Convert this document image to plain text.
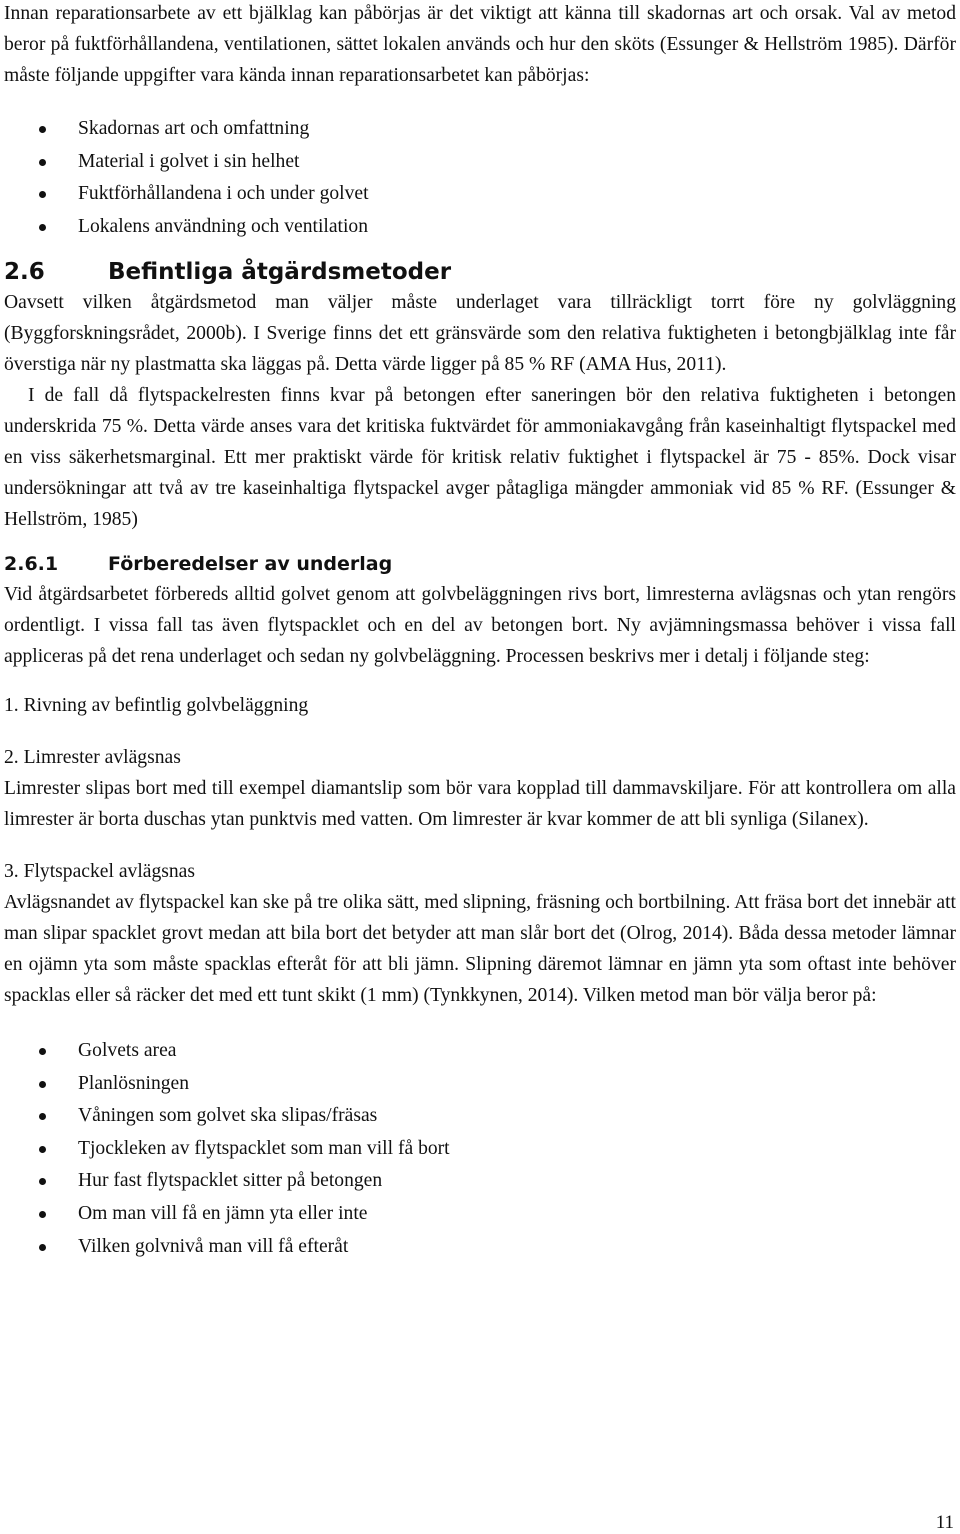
Innan reparationsarbete av ett bjälklag kan påbörjas är det viktigt att känna till skadornas art och orsak. Val av metod beror på fuktförhållandena, ventilationen, sättet lokalen används och hur den sköts (Essunger & Hellström 1985). Därför måste följande uppgifter vara kända innan reparationsarbetet kan påbörjas:

Skadornas art och omfattning
Material i golvet i sin helhet
Fuktförhållandena i och under golvet
Lokalens användning och ventilation
2.6	Befintliga åtgärdsmetoder

Oavsett vilken åtgärdsmetod man väljer måste underlaget vara tillräckligt torrt före ny golvläggning (Byggforskningsrådet, 2000b). I Sverige finns det ett gränsvärde som den relativa fuktigheten i betongbjälklag inte får överstiga när ny plastmatta ska läggas på. Detta värde ligger på 85 % RF (AMA Hus, 2011).

I de fall då flytspackelresten finns kvar på betongen efter saneringen bör den relativa fuktigheten i betongen underskrida 75 %. Detta värde anses vara det kritiska fuktvärdet för ammoniakavgång från kaseinhaltigt flytspackel med en viss säkerhetsmarginal. Ett mer praktiskt värde för kritisk relativ fuktighet i flytspackel är 75 - 85%. Dock visar undersökningar att två av tre kaseinhaltiga flytspackel avger påtagliga mängder ammoniak vid 85 % RF. (Essunger & Hellström, 1985)

2.6.1	Förberedelser av underlag

Vid åtgärdsarbetet förbereds alltid golvet genom att golvbeläggningen rivs bort, limresterna avlägsnas och ytan rengörs ordentligt. I vissa fall tas även flytspacklet och en del av betongen bort. Ny avjämningsmassa behöver i vissa fall appliceras på det rena underlaget och sedan ny golvbeläggning. Processen beskrivs mer i detalj i följande steg:

1. Rivning av befintlig golvbeläggning

2. Limrester avlägsnas

Limrester slipas bort med till exempel diamantslip som bör vara kopplad till dammavskiljare. För att kontrollera om alla limrester är borta duschas ytan punktvis med vatten. Om limrester är kvar kommer de att bli synliga (Silanex).

3. Flytspackel avlägsnas

Avlägsnandet av flytspackel kan ske på tre olika sätt, med slipning, fräsning och bortbilning. Att fräsa bort det innebär att man slipar spacklet grovt medan att bila bort det betyder att man slår bort det (Olrog, 2014). Båda dessa metoder lämnar en ojämn yta som måste spacklas efteråt för att bli jämn. Slipning däremot lämnar en jämn yta som oftast inte behöver spacklas eller så räcker det med ett tunt skikt (1 mm) (Tynkkynen, 2014). Vilken metod man bör välja beror på:

Golvets area
Planlösningen
Våningen som golvet ska slipas/fräsas
Tjockleken av flytspacklet som man vill få bort
Hur fast flytspacklet sitter på betongen
Om man vill få en jämn yta eller inte
Vilken golvnivå man vill få efteråt
11
